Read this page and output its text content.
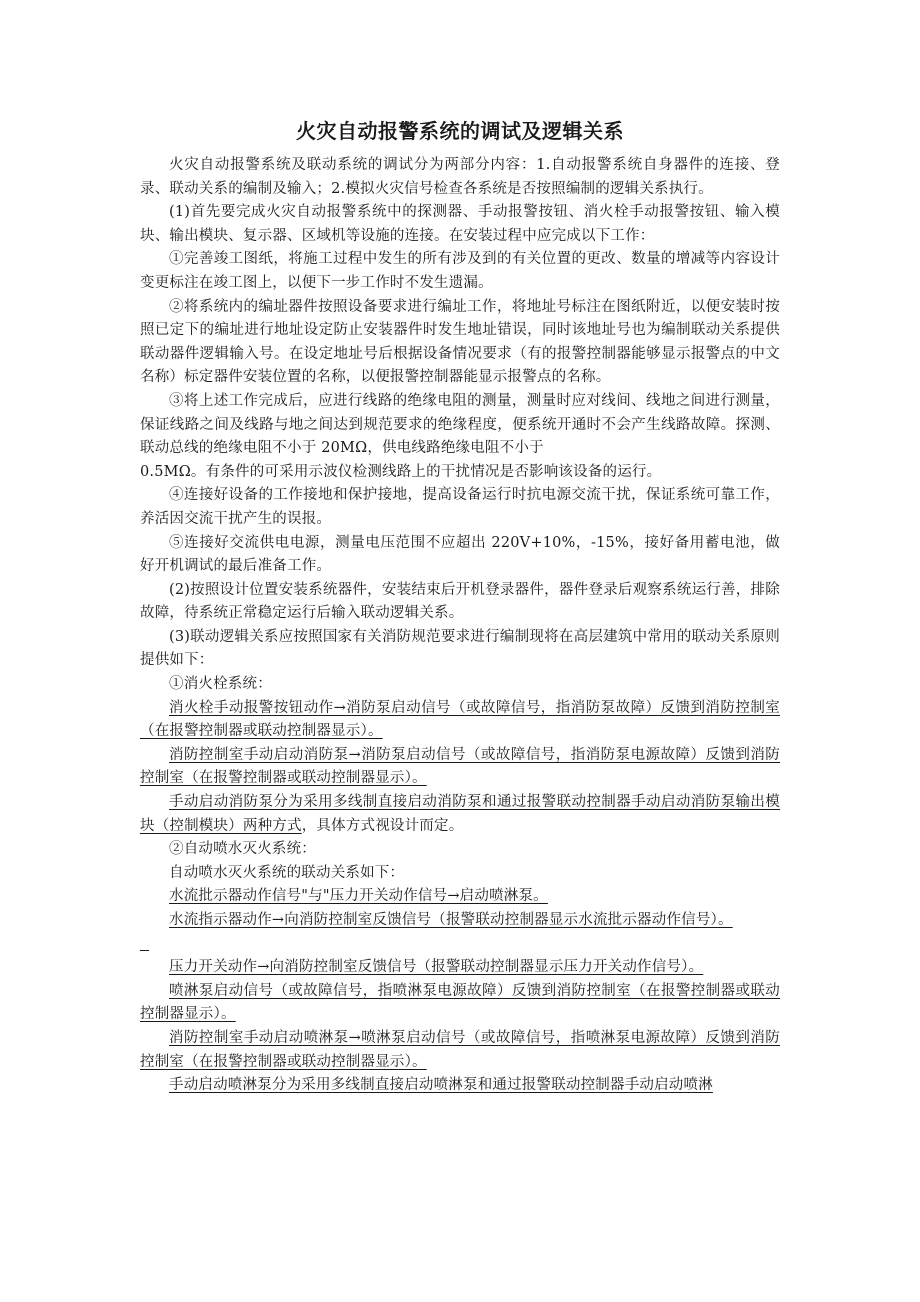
火灾自动报警系统的调试及逻辑关系

火灾自动报警系统及联动系统的调试分为两部分内容：1.自动报警系统自身器件的连接、登录、联动关系的编制及输入；2.模拟火灾信号检查各系统是否按照编制的逻辑关系执行。

(1)首先要完成火灾自动报警系统中的探测器、手动报警按钮、消火栓手动报警按钮、输入模块、输出模块、复示器、区域机等设施的连接。在安装过程中应完成以下工作：

①完善竣工图纸，将施工过程中发生的所有涉及到的有关位置的更改、数量的增减等内容设计变更标注在竣工图上，以便下一步工作时不发生遗漏。

②将系统内的编址器件按照设备要求进行编址工作，将地址号标注在图纸附近，以便安装时按照已定下的编址进行地址设定防止安装器件时发生地址错误，同时该地址号也为编制联动关系提供联动器件逻辑输入号。在设定地址号后根据设备情况要求（有的报警控制器能够显示报警点的中文名称）标定器件安装位置的名称，以便报警控制器能显示报警点的名称。

③将上述工作完成后，应进行线路的绝缘电阻的测量，测量时应对线间、线地之间进行测量，保证线路之间及线路与地之间达到规范要求的绝缘程度，便系统开通时不会产生线路故障。探测、联动总线的绝缘电阻不小于 20MΩ，供电线路绝缘电阻不小于

0.5MΩ。有条件的可采用示波仪检测线路上的干扰情况是否影响该设备的运行。

④连接好设备的工作接地和保护接地，提高设备运行时抗电源交流干扰，保证系统可靠工作，养活因交流干扰产生的误报。

⑤连接好交流供电电源，测量电压范围不应超出 220V+10%，-15%，接好备用蓄电池，做好开机调试的最后准备工作。

(2)按照设计位置安装系统器件，安装结束后开机登录器件，器件登录后观察系统运行善，排除故障，待系统正常稳定运行后输入联动逻辑关系。

(3)联动逻辑关系应按照国家有关消防规范要求进行编制现将在高层建筑中常用的联动关系原则提供如下：

①消火栓系统：

消火栓手动报警按钮动作→消防泵启动信号（或故障信号，指消防泵故障）反馈到消防控制室（在报警控制器或联动控制器显示）。

消防控制室手动启动消防泵→消防泵启动信号（或故障信号，指消防泵电源故障）反馈到消防控制室（在报警控制器或联动控制器显示）。

手动启动消防泵分为采用多线制直接启动消防泵和通过报警联动控制器手动启动消防泵输出模块（控制模块）两种方式，具体方式视设计而定。

②自动喷水灭火系统：

自动喷水灭火系统的联动关系如下：

水流批示器动作信号"与"压力开关动作信号→启动喷淋泵。

水流指示器动作→向消防控制室反馈信号（报警联动控制器显示水流批示器动作信号）。

压力开关动作→向消防控制室反馈信号（报警联动控制器显示压力开关动作信号）。

喷淋泵启动信号（或故障信号，指喷淋泵电源故障）反馈到消防控制室（在报警控制器或联动控制器显示）。

消防控制室手动启动喷淋泵→喷淋泵启动信号（或故障信号，指喷淋泵电源故障）反馈到消防控制室（在报警控制器或联动控制器显示）。

手动启动喷淋泵分为采用多线制直接启动喷淋泵和通过报警联动控制器手动启动喷淋
